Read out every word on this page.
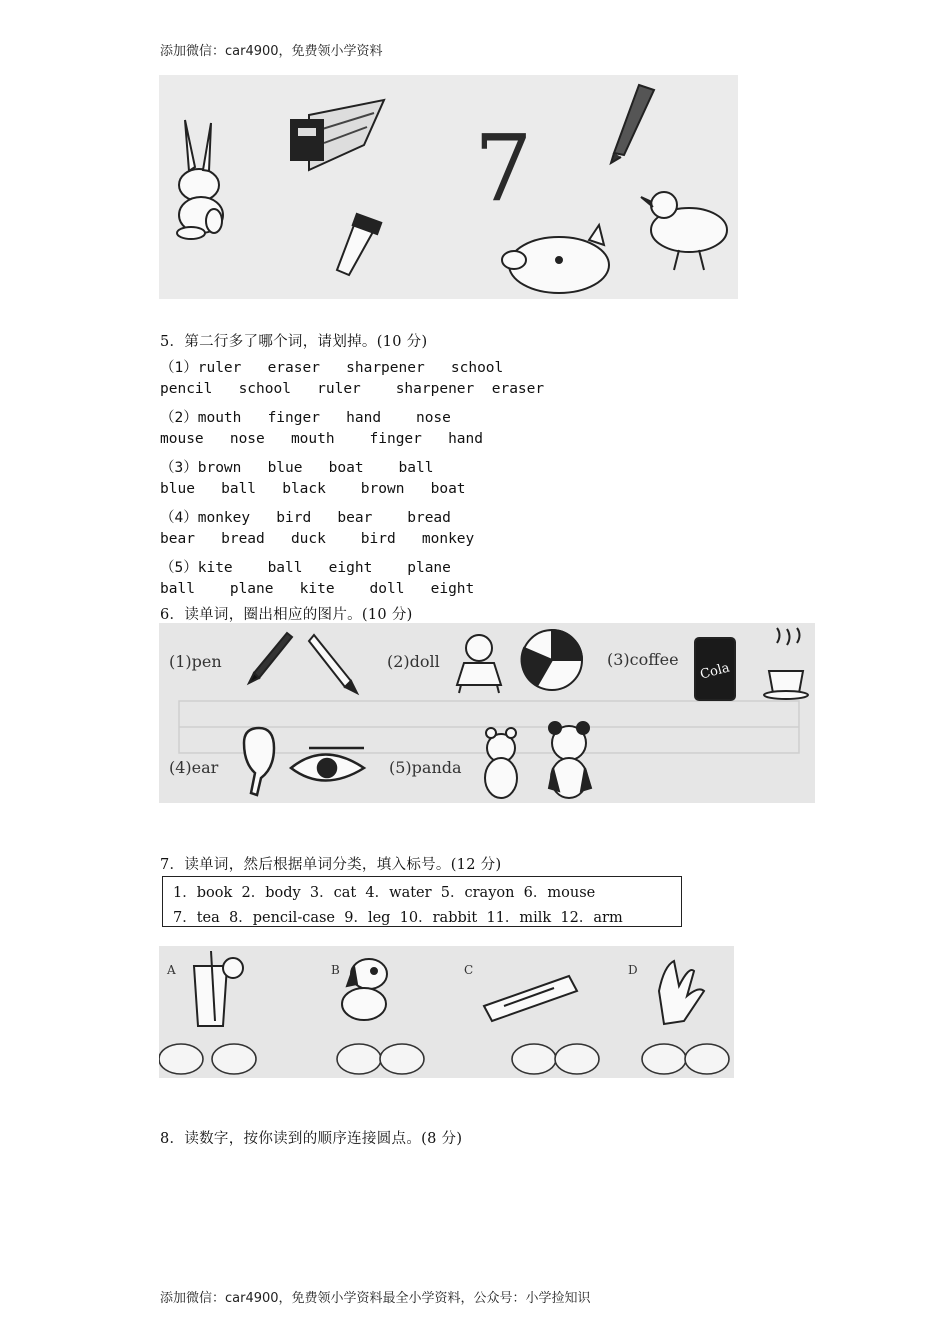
添加微信：car4900，免费领小学资料
7
5．第二行多了哪个词，请划掉。(10 分)
（1）ruler   eraser   sharpener   school
pencil   school   ruler    sharpener  eraser
（2）mouth   finger   hand    nose
mouse   nose   mouth    finger   hand
（3）brown   blue   boat    ball
blue   ball   black    brown   boat
（4）monkey   bird   bear    bread
bear   bread   duck    bird   monkey
（5）kite    ball   eight    plane
ball    plane   kite    doll   eight
6．读单词，圈出相应的图片。(10 分)
(1)pen	(2)doll	(3)coffee
Cola
(4)ear	(5)panda
7．读单词，然后根据单词分类，填入标号。(12 分)
1．book  2．body  3．cat  4．water  5．crayon  6．mouse
7．tea  8．pencil-case  9．leg  10．rabbit  11．milk  12．arm
A	B	C	D
8．读数字，按你读到的顺序连接圆点。(8 分)
添加微信：car4900，免费领小学资料最全小学资料，公众号：小学捡知识
